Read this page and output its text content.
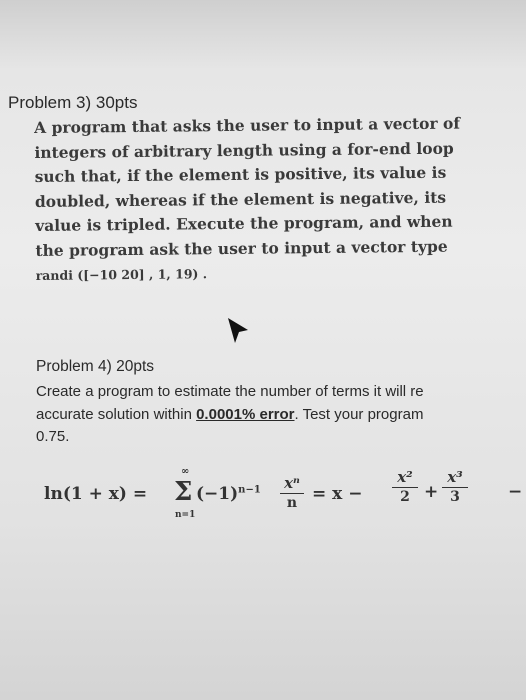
Problem 3) 30pts
A program that asks the user to input a vector of
integers of arbitrary length using a for-end loop
such that, if the element is positive, its value is
doubled, whereas if the element is negative, its
value is tripled. Execute the program, and when
the program ask the user to input a vector type
randi ([−10 20] , 1, 19) .
Problem 4) 20pts
Create a program to estimate the number of terms it will re
accurate solution within 0.0001% error. Test your program
0.75.
ln(1 + x) =
∞
Σ
n=1
$(-1)^{n-1}$ xⁿ
n = x −
x²
2 +
x³
3	−
